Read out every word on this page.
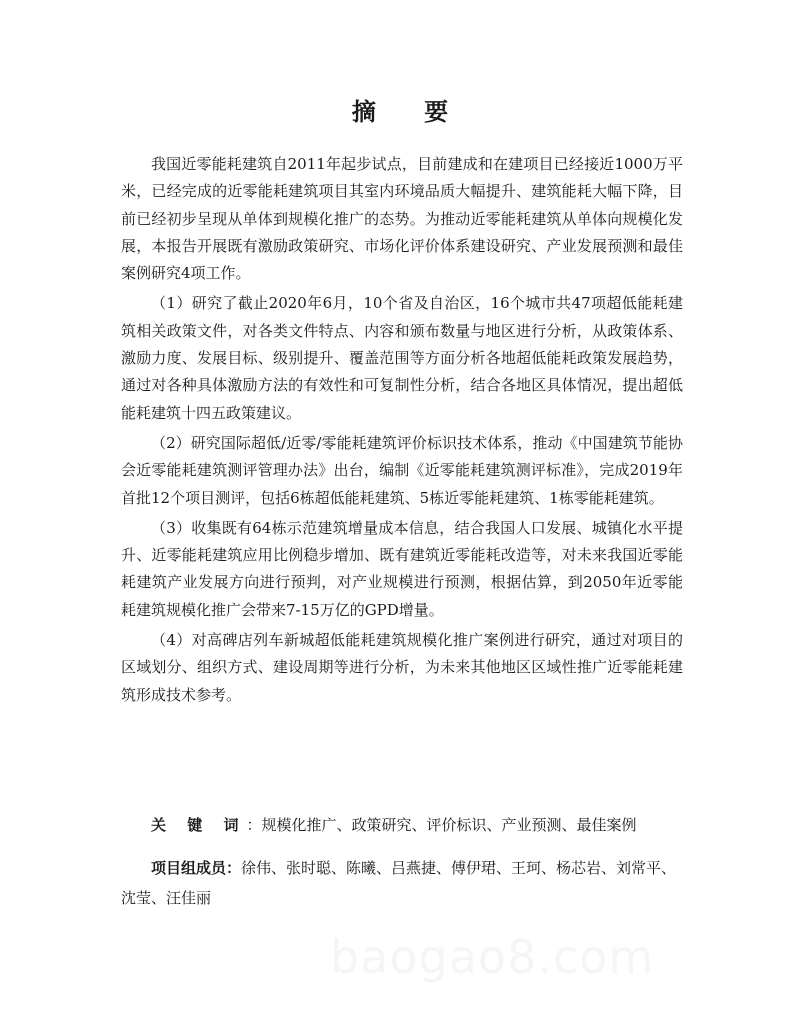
摘 要

我国近零能耗建筑自2011年起步试点，目前建成和在建项目已经接近1000万平米，已经完成的近零能耗建筑项目其室内环境品质大幅提升、建筑能耗大幅下降，目前已经初步呈现从单体到规模化推广的态势。为推动近零能耗建筑从单体向规模化发展，本报告开展既有激励政策研究、市场化评价体系建设研究、产业发展预测和最佳案例研究4项工作。

（1）研究了截止2020年6月，10个省及自治区，16个城市共47项超低能耗建筑相关政策文件，对各类文件特点、内容和颁布数量与地区进行分析，从政策体系、激励力度、发展目标、级别提升、覆盖范围等方面分析各地超低能耗政策发展趋势，通过对各种具体激励方法的有效性和可复制性分析，结合各地区具体情况，提出超低能耗建筑十四五政策建议。

（2）研究国际超低/近零/零能耗建筑评价标识技术体系，推动《中国建筑节能协会近零能耗建筑测评管理办法》出台，编制《近零能耗建筑测评标准》，完成2019年首批12个项目测评，包括6栋超低能耗建筑、5栋近零能耗建筑、1栋零能耗建筑。

（3）收集既有64栋示范建筑增量成本信息，结合我国人口发展、城镇化水平提升、近零能耗建筑应用比例稳步增加、既有建筑近零能耗改造等，对未来我国近零能耗建筑产业发展方向进行预判，对产业规模进行预测，根据估算，到2050年近零能耗建筑规模化推广会带来7-15万亿的GPD增量。

（4）对高碑店列车新城超低能耗建筑规模化推广案例进行研究，通过对项目的区域划分、组织方式、建设周期等进行分析，为未来其他地区区域性推广近零能耗建筑形成技术参考。

关 键 词：规模化推广、政策研究、评价标识、产业预测、最佳案例
项目组成员：徐伟、张时聪、陈曦、吕燕捷、傅伊珺、王珂、杨芯岩、刘常平、沈莹、汪佳丽
baogao8.com
